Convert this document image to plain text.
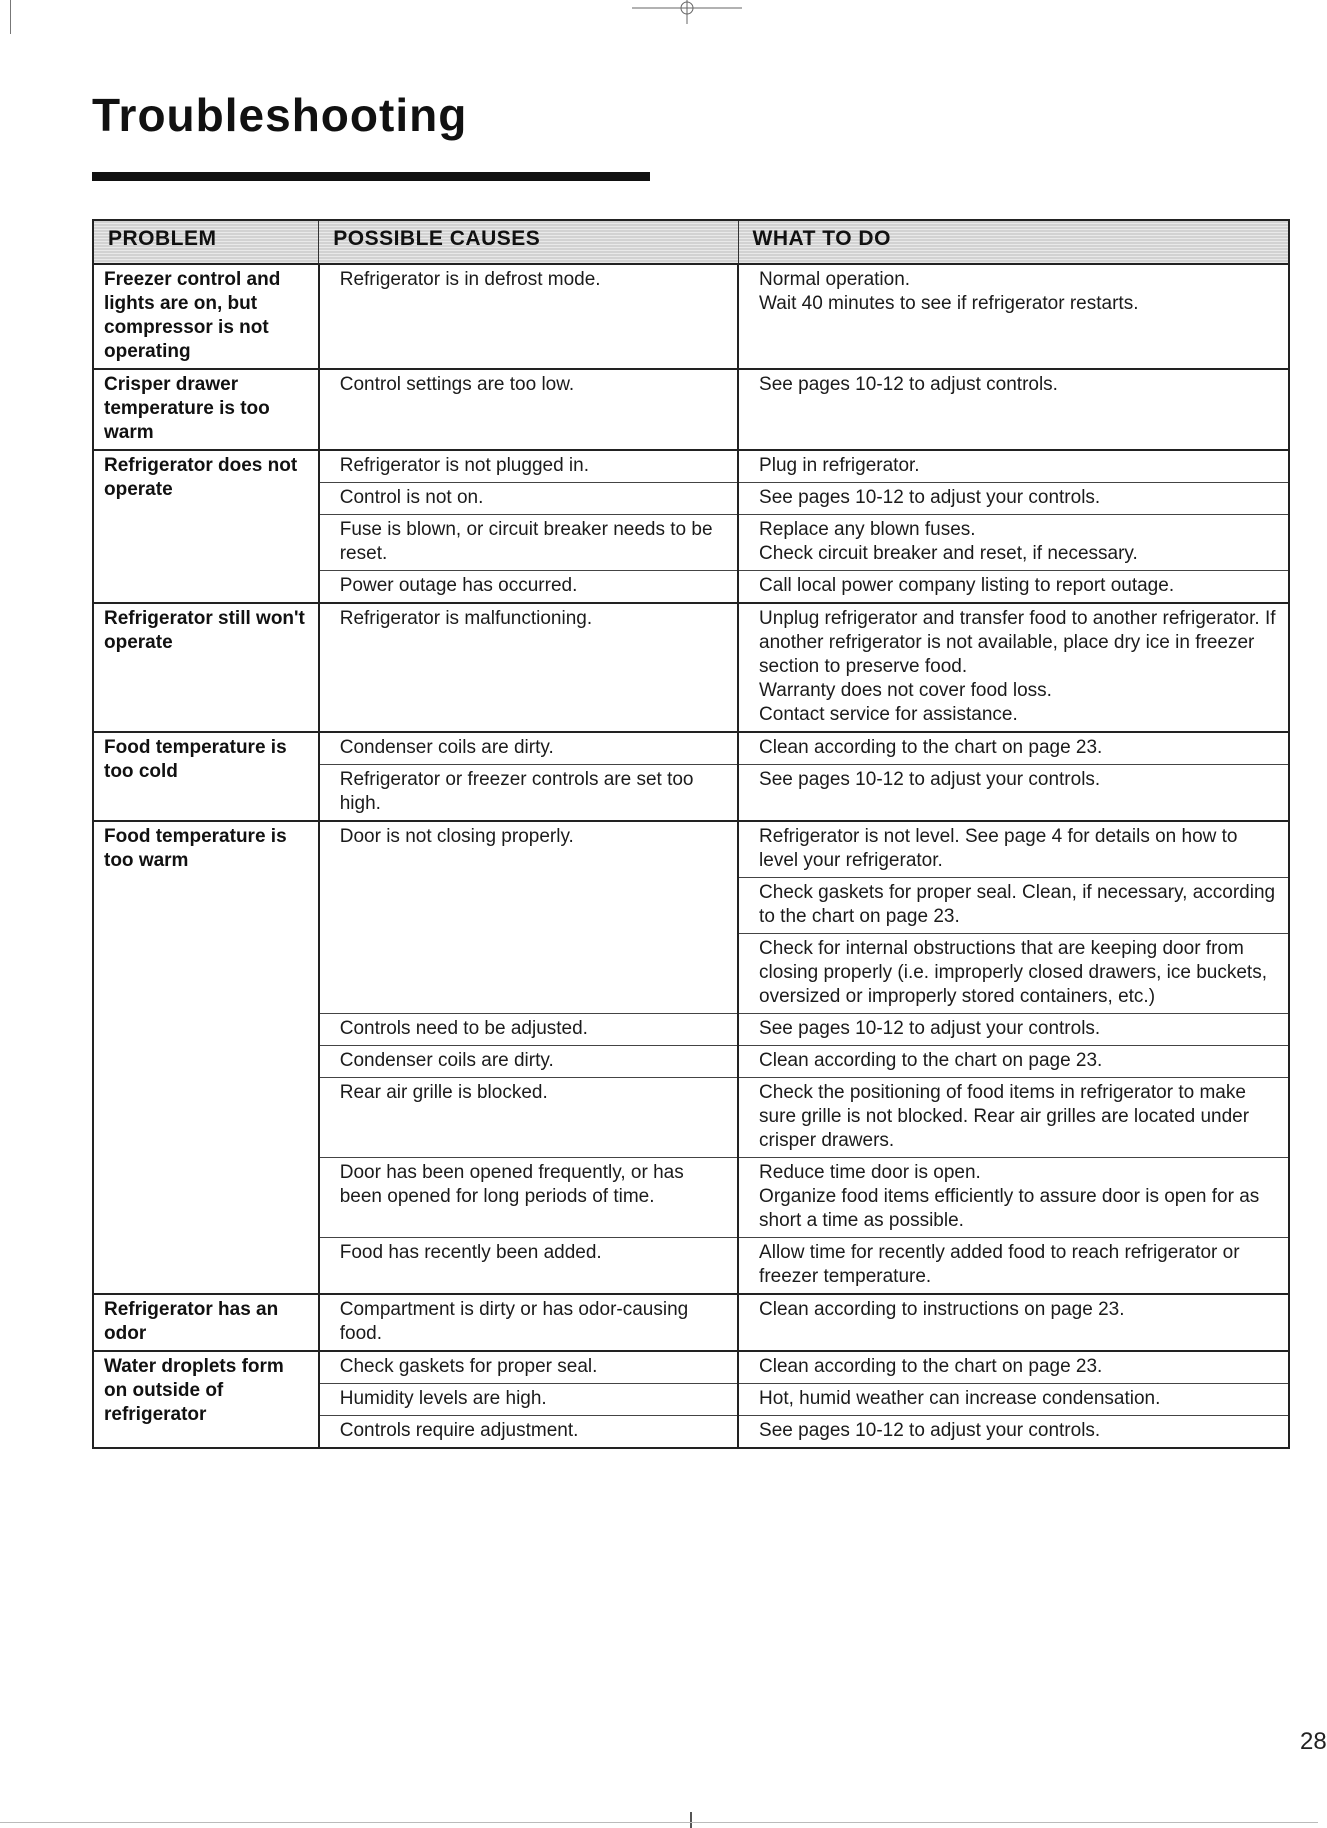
Troubleshooting
PROBLEM	POSSIBLE CAUSES	WHAT TO DO
Freezer control and lights are on, but compressor is not operating	Refrigerator is in defrost mode.	Normal operation.
Wait 40 minutes to see if refrigerator restarts.

Crisper drawer temperature is too warm	Control settings are too low.	See pages 10-12 to adjust controls.

Refrigerator does not operate	Refrigerator is not plugged in.	Plug in refrigerator.

	Control is not on.	See pages 10-12 to adjust your controls.

	Fuse is blown, or circuit breaker needs to be reset.	Replace any blown fuses.
Check circuit breaker and reset, if necessary.

	Power outage has occurred.	Call local power company listing to report outage.

Refrigerator still won't operate	Refrigerator is malfunctioning.	Unplug refrigerator and transfer food to another refrigerator. If another refrigerator is not available, place dry ice in freezer section to preserve food.
Warranty does not cover food loss.
Contact service for assistance.

Food temperature is too cold	Condenser coils are dirty.	Clean according to the chart on page 23.

	Refrigerator or freezer controls are set too high.	See pages 10-12 to adjust your controls.

Food temperature is too warm	Door is not closing properly.	Refrigerator is not level. See page 4 for details on how to level your refrigerator.

		Check gaskets for proper seal. Clean, if necessary, according to the chart on page 23.

		Check for internal obstructions that are keeping door from closing properly (i.e. improperly closed drawers, ice buckets, oversized or improperly stored containers, etc.)

	Controls need to be adjusted.	See pages 10-12 to adjust your controls.

	Condenser coils are dirty.	Clean according to the chart on page 23.

	Rear air grille is blocked.	Check the positioning of food items in refrigerator to make sure grille is not blocked. Rear air grilles are located under crisper drawers.

	Door has been opened frequently, or has been opened for long periods of time.	Reduce time door is open.
Organize food items efficiently to assure door is open for as short a time as possible.

	Food has recently been added.	Allow time for recently added food to reach refrigerator or freezer temperature.

Refrigerator has an odor	Compartment is dirty or has odor-causing food.	Clean according to instructions on page 23.

Water droplets form on outside of refrigerator	Check gaskets for proper seal.	Clean according to the chart on page 23.

	Humidity levels are high.	Hot, humid weather can increase condensation.

	Controls require adjustment.	See pages 10-12 to adjust your controls.
28
